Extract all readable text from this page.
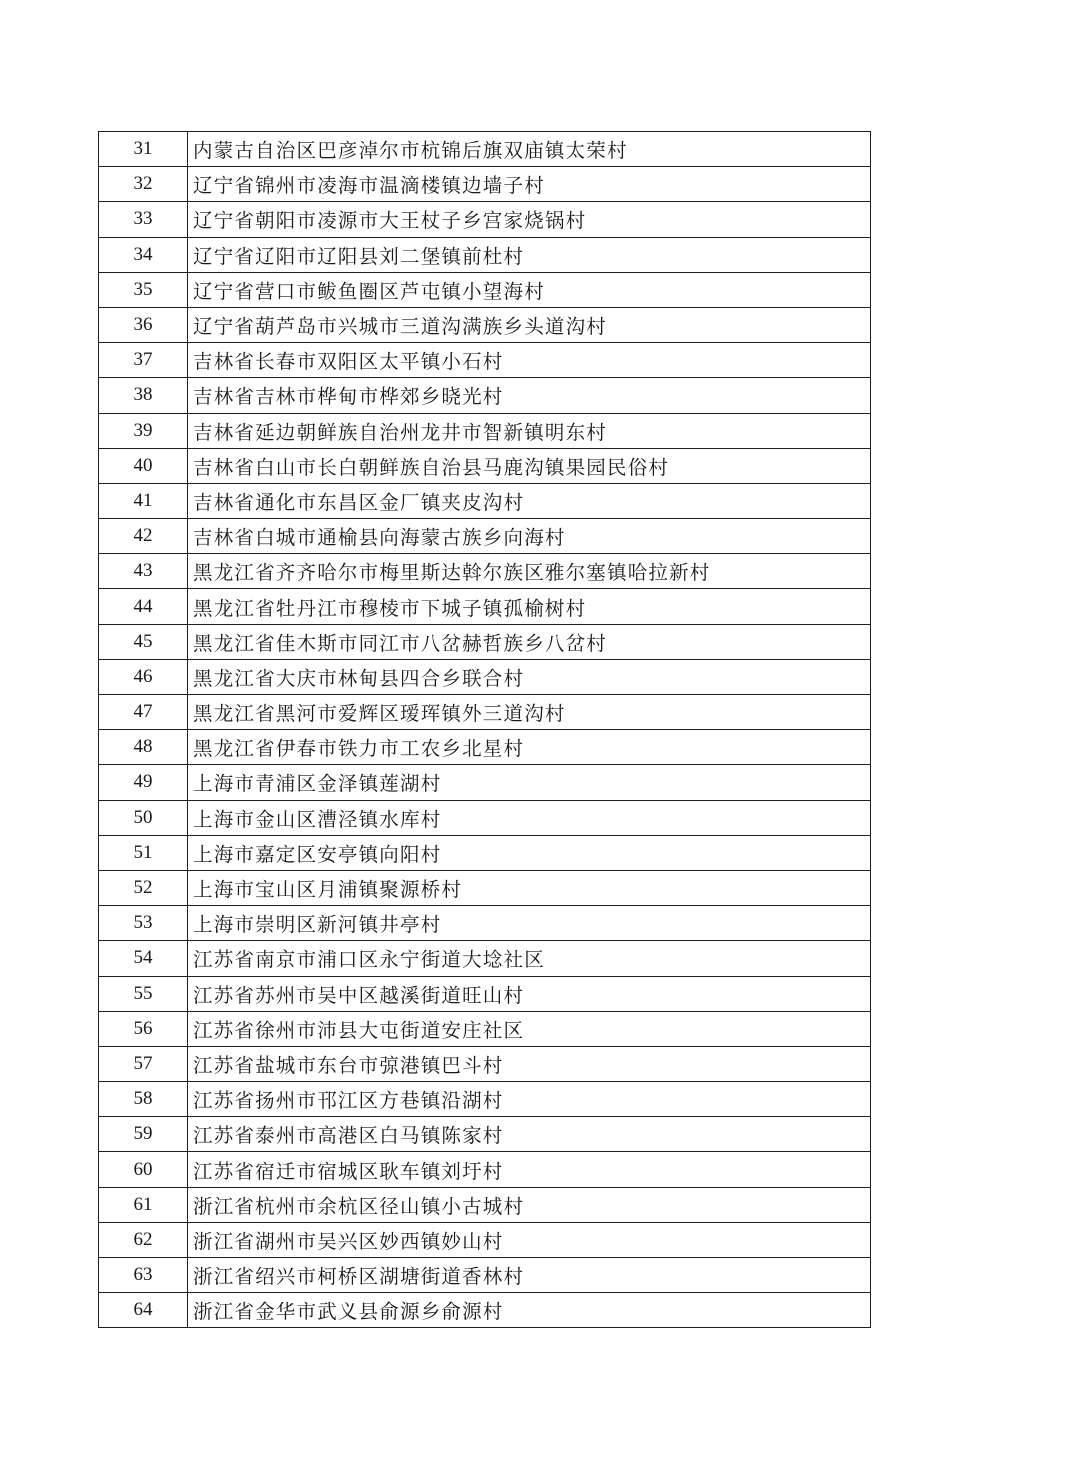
31	内蒙古自治区巴彦淖尔市杭锦后旗双庙镇太荣村
32	辽宁省锦州市凌海市温滴楼镇边墙子村
33	辽宁省朝阳市凌源市大王杖子乡宫家烧锅村
34	辽宁省辽阳市辽阳县刘二堡镇前杜村
35	辽宁省营口市鲅鱼圈区芦屯镇小望海村
36	辽宁省葫芦岛市兴城市三道沟满族乡头道沟村
37	吉林省长春市双阳区太平镇小石村
38	吉林省吉林市桦甸市桦郊乡晓光村
39	吉林省延边朝鲜族自治州龙井市智新镇明东村
40	吉林省白山市长白朝鲜族自治县马鹿沟镇果园民俗村
41	吉林省通化市东昌区金厂镇夹皮沟村
42	吉林省白城市通榆县向海蒙古族乡向海村
43	黑龙江省齐齐哈尔市梅里斯达斡尔族区雅尔塞镇哈拉新村
44	黑龙江省牡丹江市穆棱市下城子镇孤榆树村
45	黑龙江省佳木斯市同江市八岔赫哲族乡八岔村
46	黑龙江省大庆市林甸县四合乡联合村
47	黑龙江省黑河市爱辉区瑷珲镇外三道沟村
48	黑龙江省伊春市铁力市工农乡北星村
49	上海市青浦区金泽镇莲湖村
50	上海市金山区漕泾镇水库村
51	上海市嘉定区安亭镇向阳村
52	上海市宝山区月浦镇聚源桥村
53	上海市崇明区新河镇井亭村
54	江苏省南京市浦口区永宁街道大埝社区
55	江苏省苏州市吴中区越溪街道旺山村
56	江苏省徐州市沛县大屯街道安庄社区
57	江苏省盐城市东台市弶港镇巴斗村
58	江苏省扬州市邗江区方巷镇沿湖村
59	江苏省泰州市高港区白马镇陈家村
60	江苏省宿迁市宿城区耿车镇刘圩村
61	浙江省杭州市余杭区径山镇小古城村
62	浙江省湖州市吴兴区妙西镇妙山村
63	浙江省绍兴市柯桥区湖塘街道香林村
64	浙江省金华市武义县俞源乡俞源村
